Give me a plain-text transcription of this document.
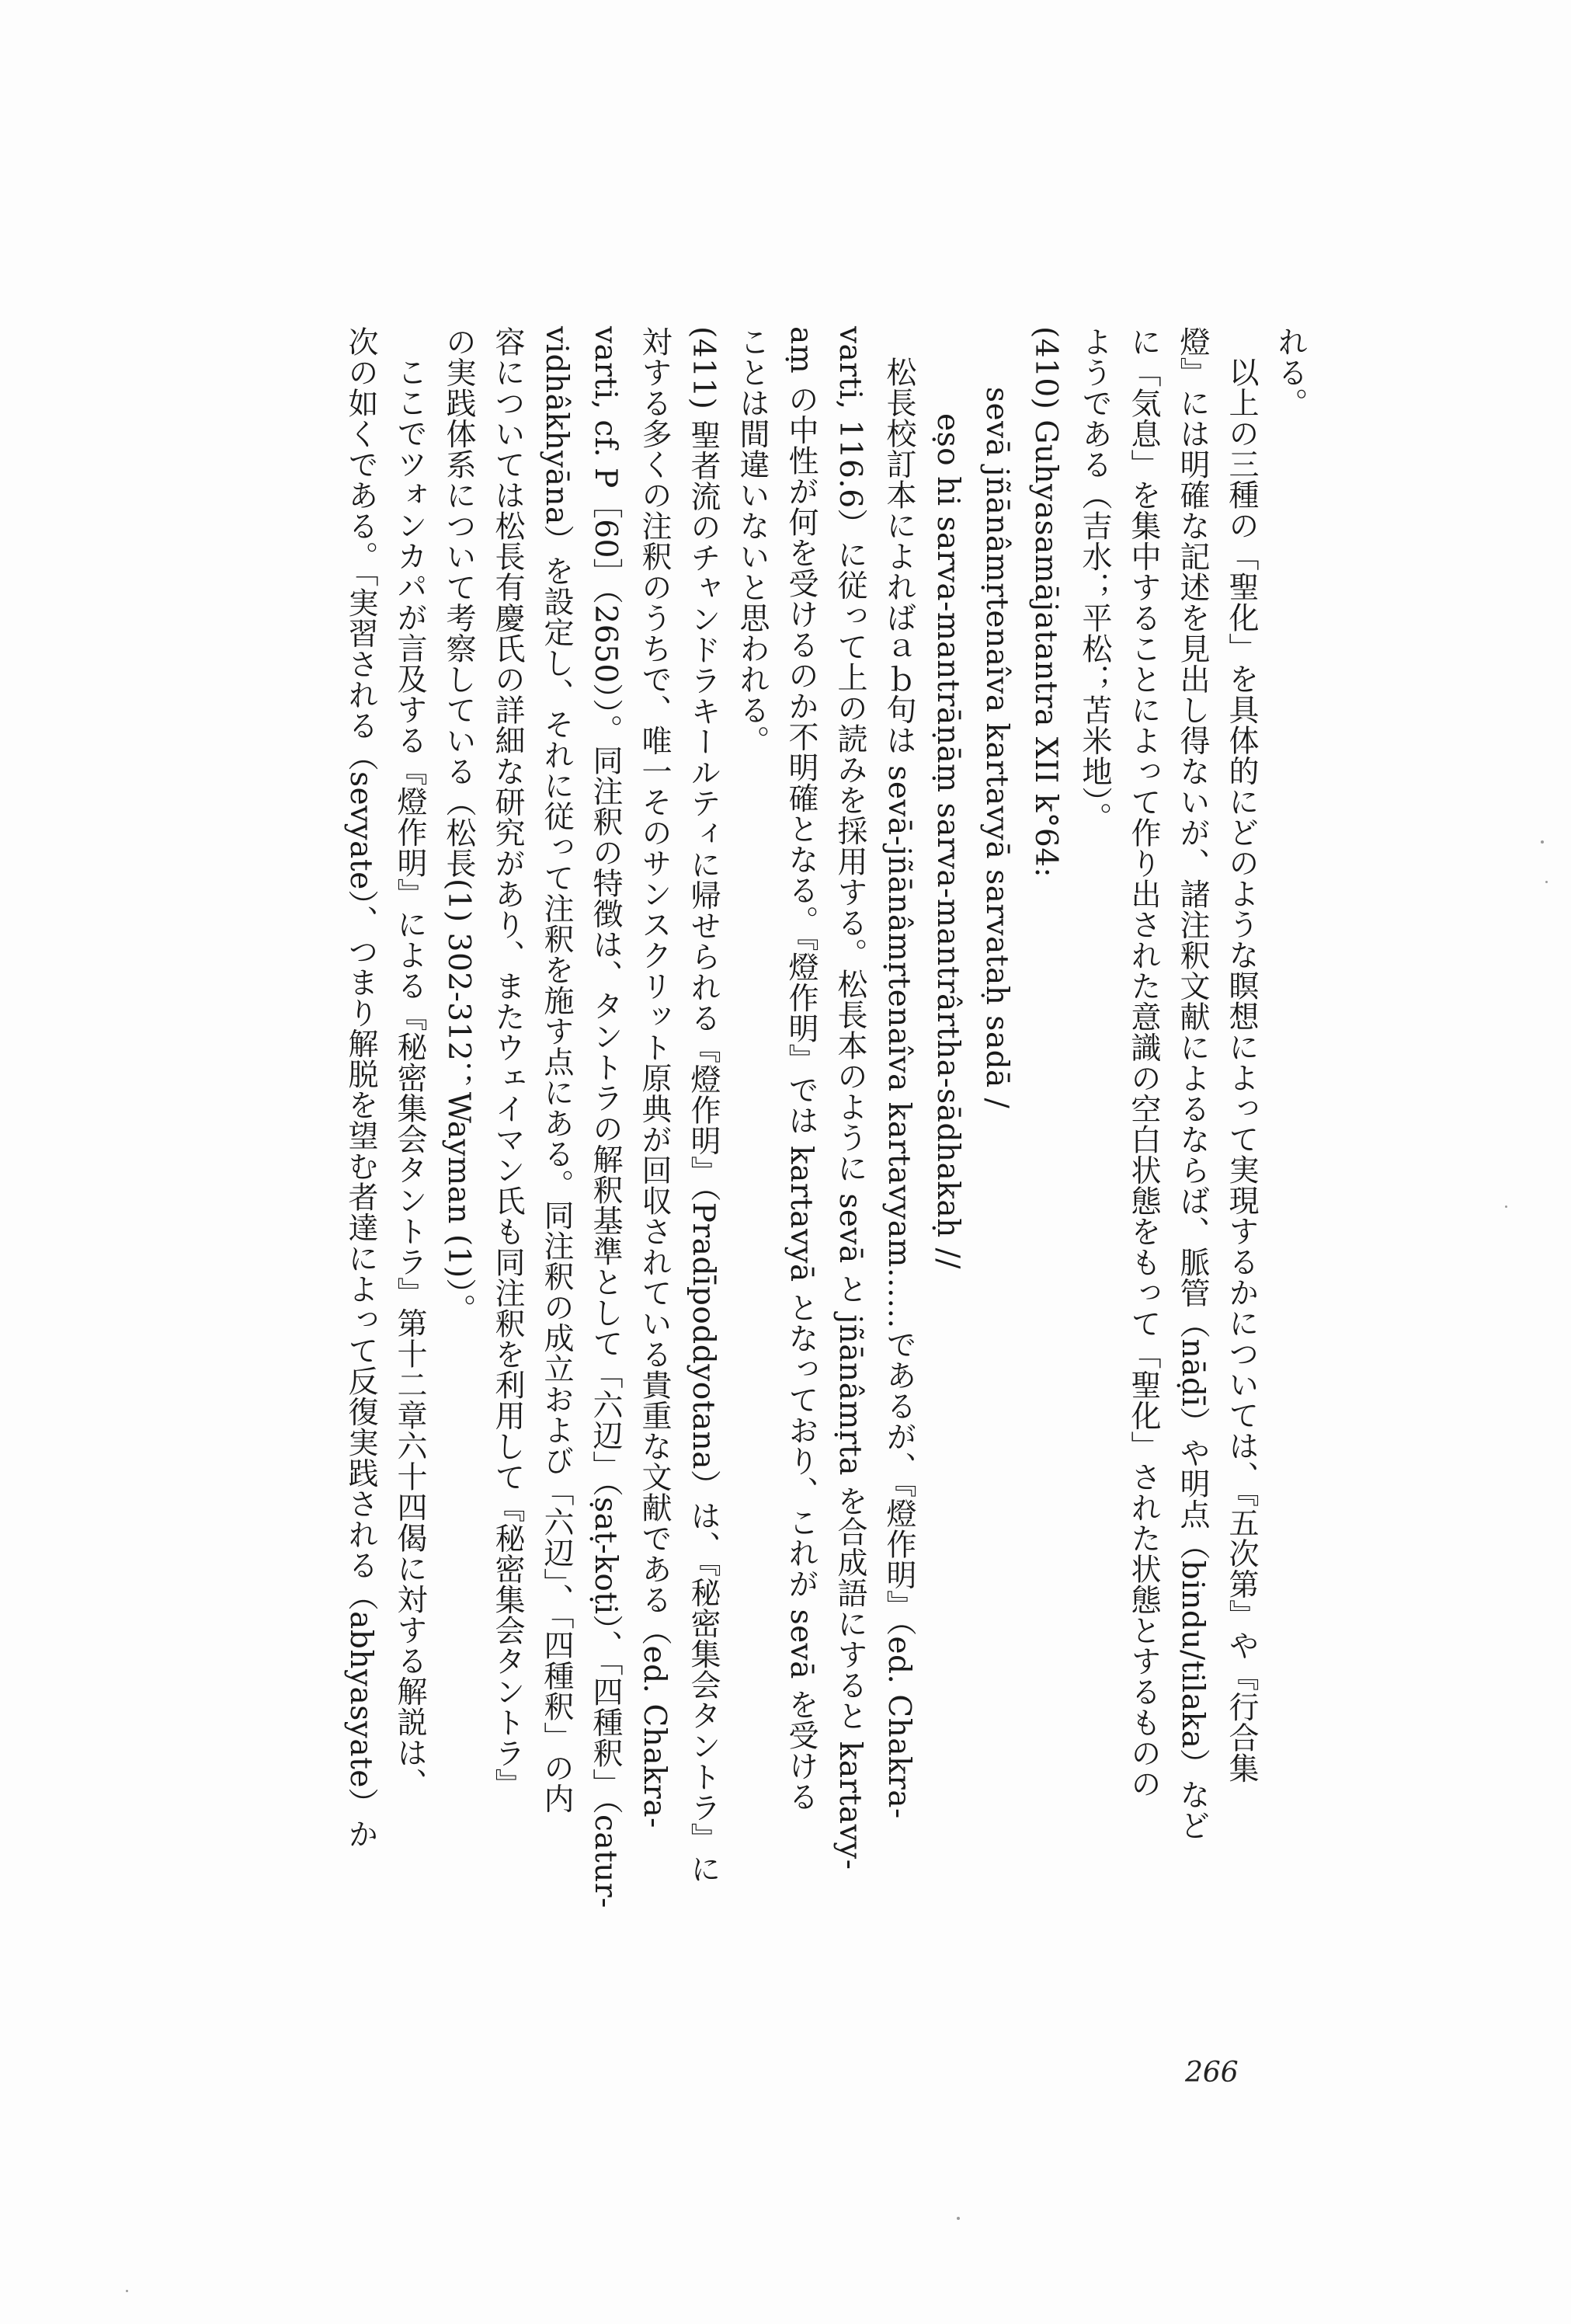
れる。
以上の三種の「聖化」を具体的にどのような瞑想によって実現するかについては、『五次第』や『行合集
燈』には明確な記述を見出し得ないが、諸注釈文献によるならば、脈管（nāḍī）や明点（bindu/tilaka）など
に「気息」を集中することによって作り出された意識の空白状態をもって「聖化」された状態とするものの
ようである（吉水；平松；苫米地）。
(410) Guhyasamājatantra XII k°64:
sevā jñānâmṛtenaîva kartavyā sarvataḥ sadā /
eṣo hi sarva-mantrāṇāṃ sarva-mantrârtha-sādhakaḥ //
松長校訂本によればａｂ句は sevā-jñānâmṛtenaîva kartavyam……であるが、『燈作明』（ed. Chakra-
varti, 116.6）に従って上の読みを採用する。松長本のように sevā と jñānâmṛta を合成語にすると kartavy-
aṃ の中性が何を受けるのか不明確となる。『燈作明』では kartavyā となっており、これが sevā を受ける
ことは間違いないと思われる。
(411) 聖者流のチャンドラキールティに帰せられる『燈作明』（Pradīpoddyotana）は、『秘密集会タントラ』に
対する多くの注釈のうちで、唯一そのサンスクリット原典が回収されている貴重な文献である（ed. Chakra-
varti, cf. P［60］（2650））。同注釈の特徴は、タントラの解釈基準として「六辺」（ṣaṭ-koṭi）、「四種釈」（catur-
vidhâkhyāna）を設定し、それに従って注釈を施す点にある。同注釈の成立および「六辺」、「四種釈」の内
容については松長有慶氏の詳細な研究があり、またウェイマン氏も同注釈を利用して『秘密集会タントラ』
の実践体系について考察している（松長(1) 302-312；Wayman (1)）。
ここでツォンカパが言及する『燈作明』による『秘密集会タントラ』第十二章六十四偈に対する解説は、
次の如くである。「実習される（sevyate）、つまり解脱を望む者達によって反復実践される（abhyasyate）か
266
